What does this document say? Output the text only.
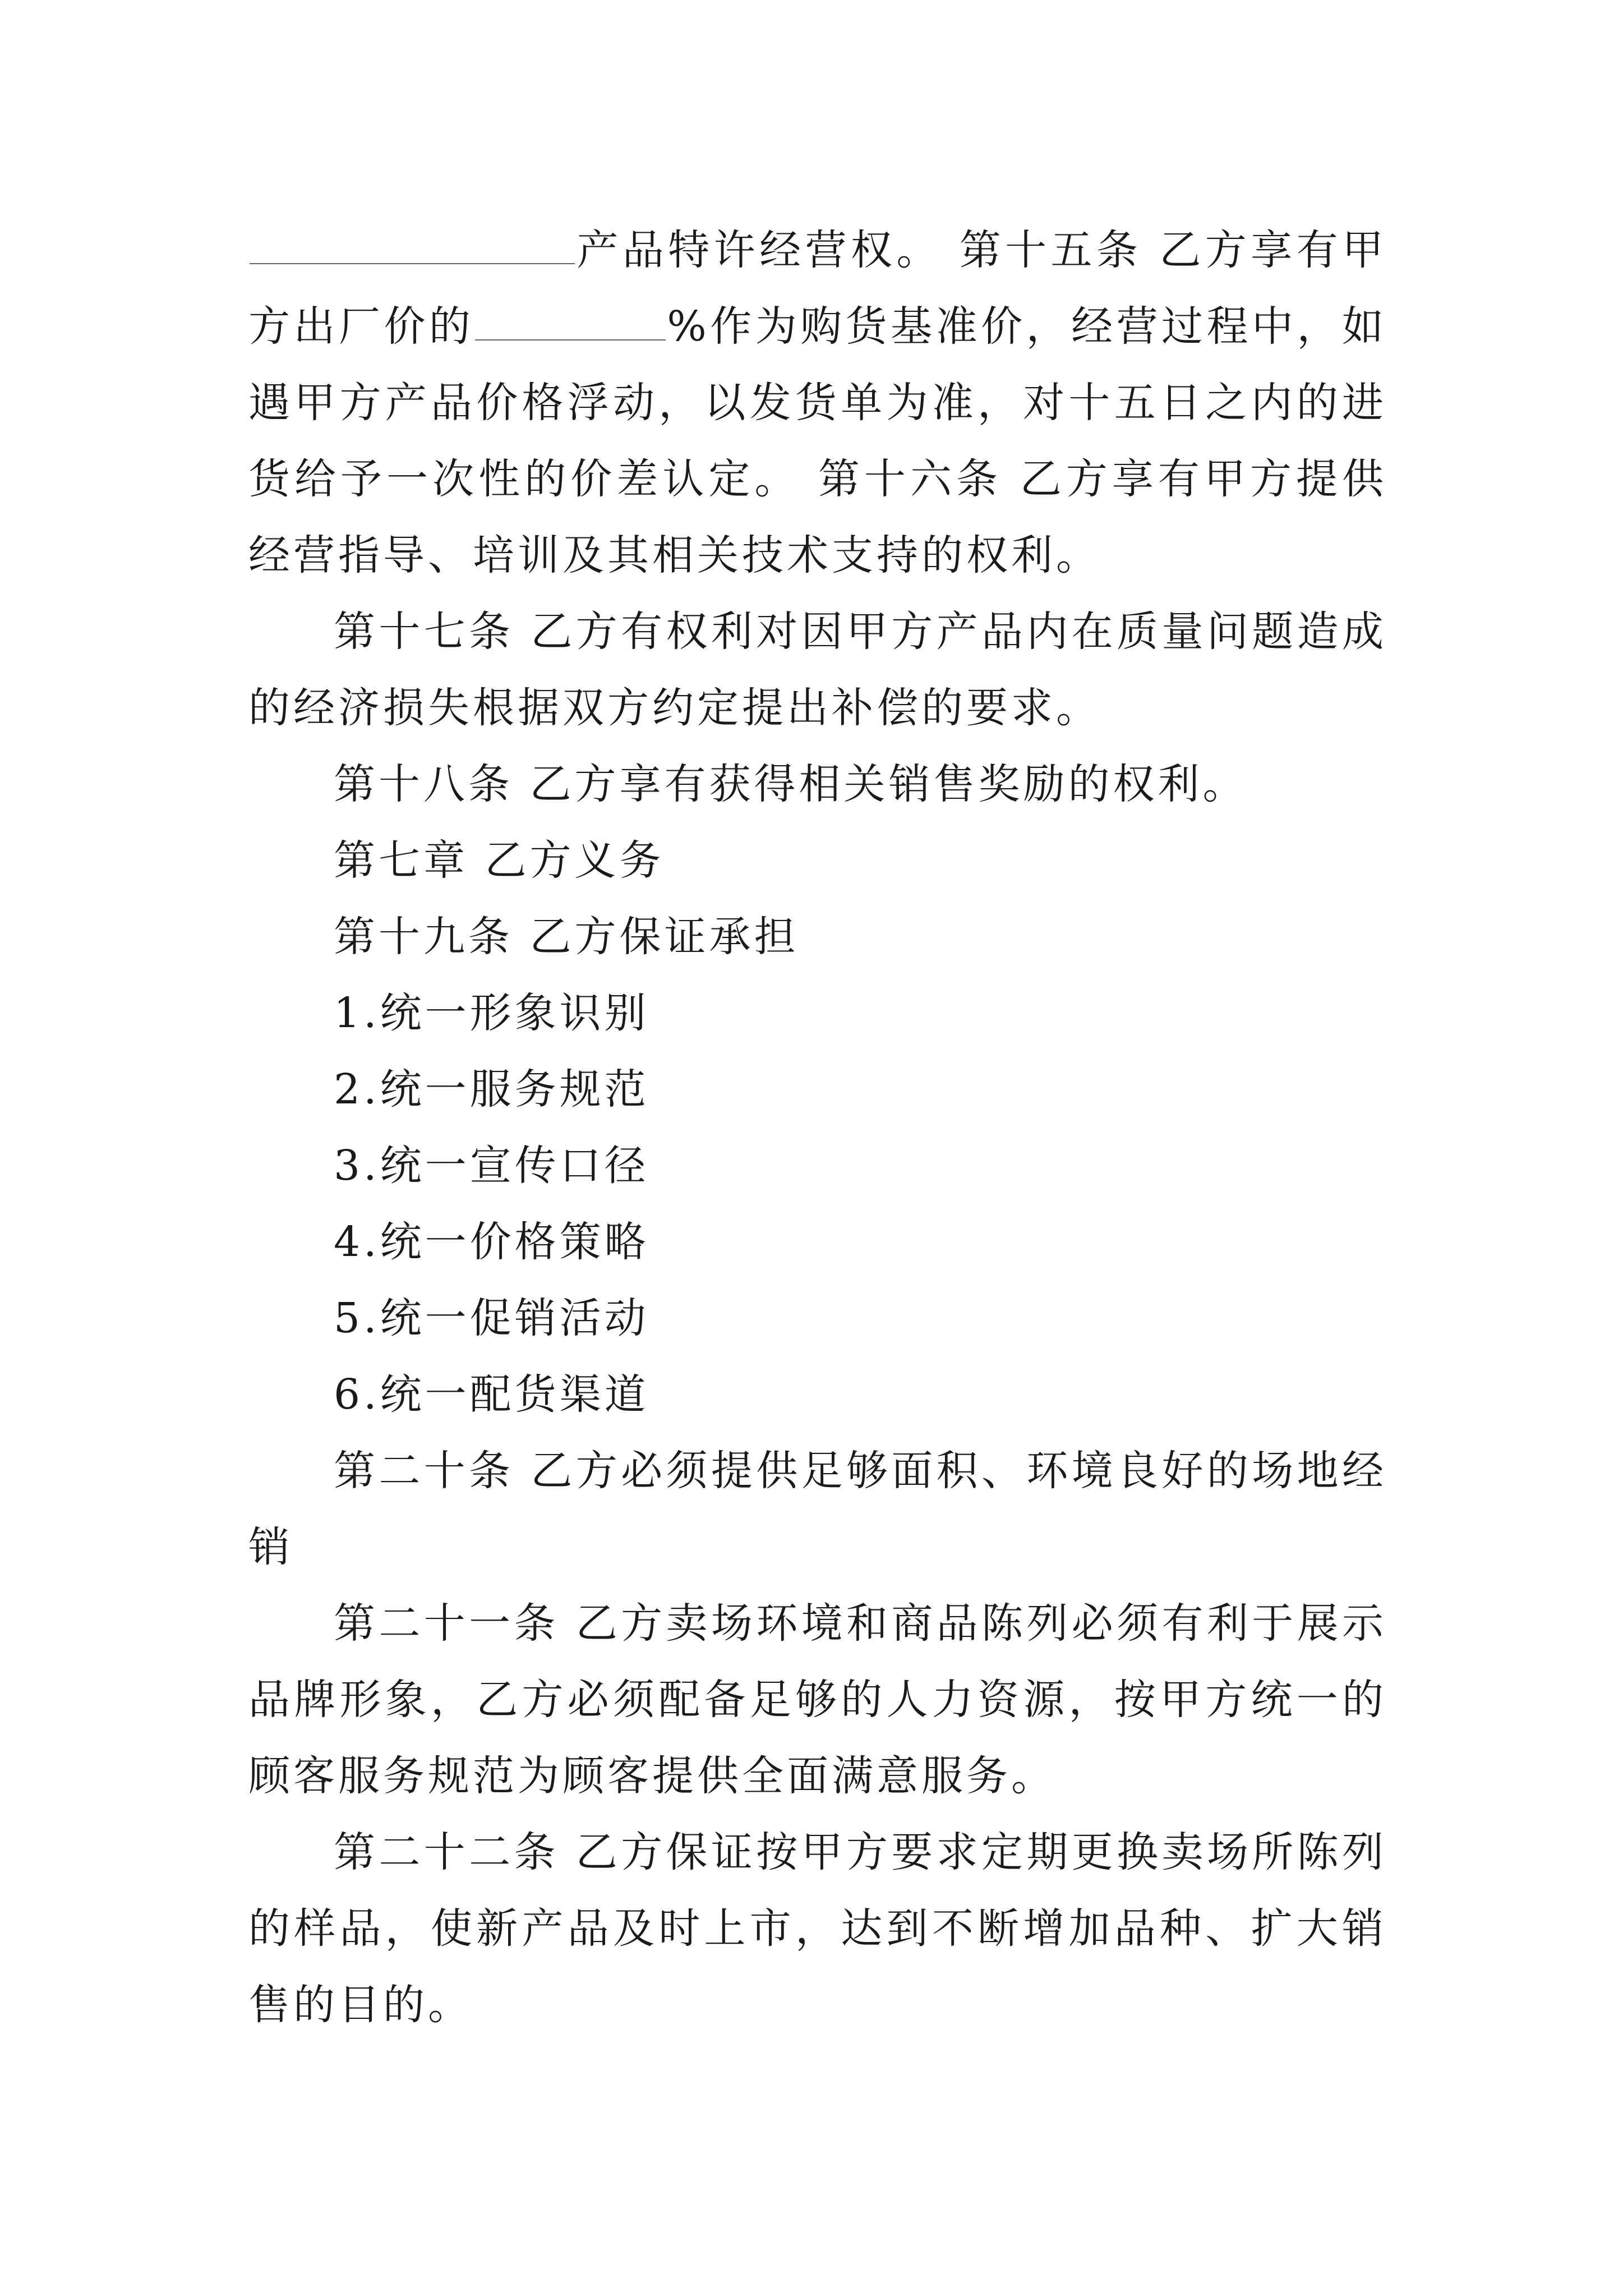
产品特许经营权。 第十五条 乙方享有甲方出厂价的	%作为购货基准价，经营过程中，如遇甲方产品价格浮动，以发货单为准，对十五日之内的进货给予一次性的价差认定。 第十六条 乙方享有甲方提供经营指导、培训及其相关技术支持的权利。

第十七条 乙方有权利对因甲方产品内在质量问题造成的经济损失根据双方约定提出补偿的要求。

第十八条 乙方享有获得相关销售奖励的权利。

第七章 乙方义务

第十九条 乙方保证承担

1.统一形象识别

2.统一服务规范

3.统一宣传口径

4.统一价格策略

5.统一促销活动

6.统一配货渠道

第二十条 乙方必须提供足够面积、环境良好的场地经销

第二十一条 乙方卖场环境和商品陈列必须有利于展示品牌形象，乙方必须配备足够的人力资源，按甲方统一的顾客服务规范为顾客提供全面满意服务。

第二十二条 乙方保证按甲方要求定期更换卖场所陈列的样品，使新产品及时上市，达到不断增加品种、扩大销售的目的。
